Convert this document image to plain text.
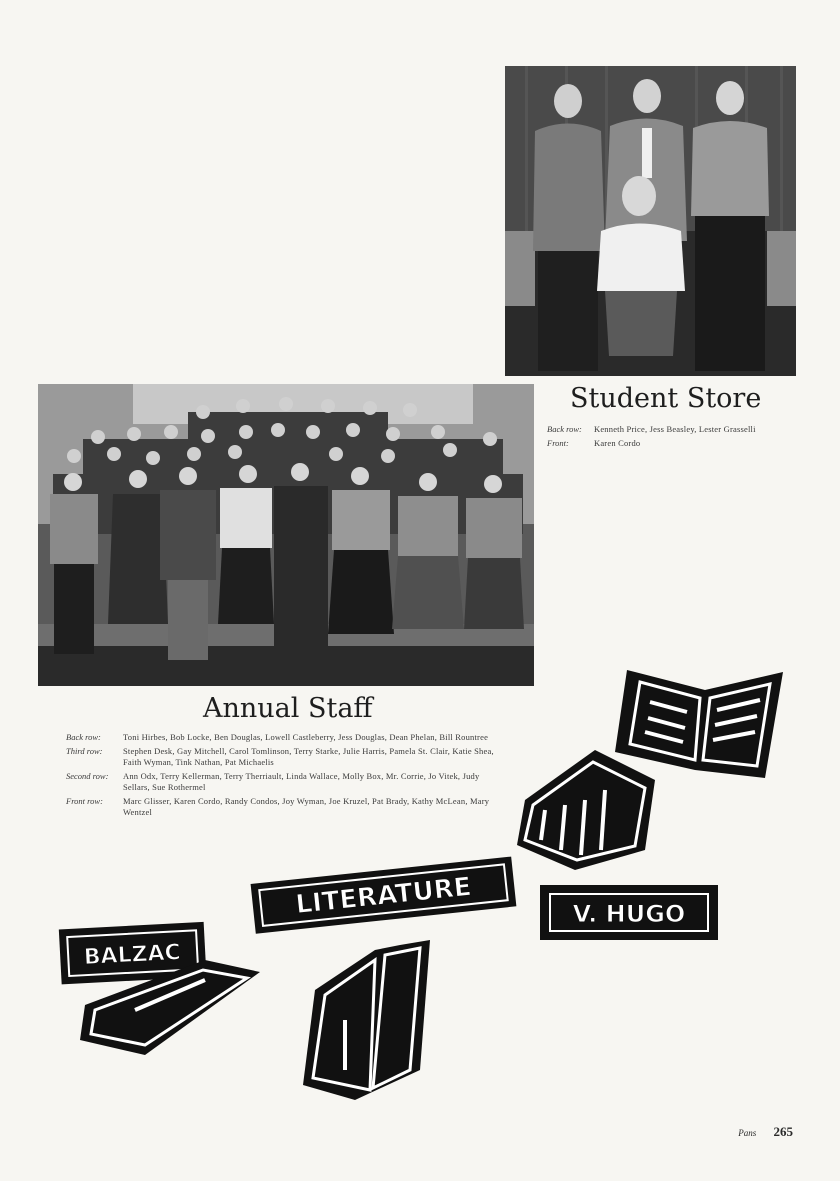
Student Store
Back row:	Kenneth Price, Jess Beasley, Lester Grasselli
Front:	Karen Cordo
Annual Staff
Back row:	Toni Hirbes, Bob Locke, Ben Douglas, Lowell Castleberry, Jess Douglas, Dean Phelan, Bill Rountree
Third row:	Stephen Desk, Gay Mitchell, Carol Tomlinson, Terry Starke, Julie Harris, Pamela St. Clair, Katie Shea, Faith Wyman, Tink Nathan, Pat Michaelis
Second row:	Ann Odx, Terry Kellerman, Terry Therriault, Linda Wallace, Molly Box, Mr. Corrie, Jo Vitek, Judy Sellars, Sue Rothermel
Front row:	Marc Glisser, Karen Cordo, Randy Condos, Joy Wyman, Joe Kruzel, Pat Brady, Kathy McLean, Mary Wentzel
LITERATURE	V. HUGO
BALZAC
Pans 265
